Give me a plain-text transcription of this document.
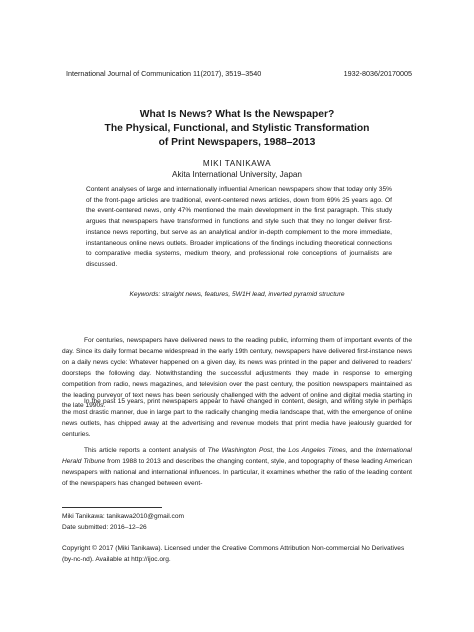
International Journal of Communication 11(2017), 3519–3540	1932-8036/20170005
What Is News? What Is the Newspaper?
The Physical, Functional, and Stylistic Transformation
of Print Newspapers, 1988–2013
MIKI TANIKAWA
Akita International University, Japan

Content analyses of large and internationally influential American newspapers show that today only 35% of the front-page articles are traditional, event-centered news articles, down from 69% 25 years ago. Of the event-centered news, only 47% mentioned the main development in the first paragraph. This study argues that newspapers have transformed in functions and style such that they no longer deliver first-instance news reporting, but serve as an analytical and/or in-depth complement to the more immediate, instantaneous online news outlets. Broader implications of the findings including theoretical connections to comparative media systems, medium theory, and professional role conceptions of journalists are discussed.

Keywords: straight news, features, 5W1H lead, inverted pyramid structure

For centuries, newspapers have delivered news to the reading public, informing them of important events of the day. Since its daily format became widespread in the early 19th century, newspapers have delivered first-instance news on a daily news cycle: Whatever happened on a given day, its news was printed in the paper and delivered to readers' doorsteps the following day. Notwithstanding the successful adjustments they made in response to emerging competition from radio, news magazines, and television over the past century, the position newspapers maintained as the leading purveyor of text news has been seriously challenged with the advent of online and digital media starting in the late 1990s.

In the past 15 years, print newspapers appear to have changed in content, design, and writing style in perhaps the most drastic manner, due in large part to the radically changing media landscape that, with the emergence of online news outlets, has chipped away at the advertising and revenue models that print media have jealously guarded for centuries.

This article reports a content analysis of The Washington Post, the Los Angeles Times, and the International Herald Tribune from 1988 to 2013 and describes the changing content, style, and topography of these leading American newspapers with national and international influences. In particular, it examines whether the ratio of the leading content of the newspapers has changed between event-

Miki Tanikawa: tanikawa2010@gmail.com

Date submitted: 2016–12–26

Copyright © 2017 (Miki Tanikawa). Licensed under the Creative Commons Attribution Non-commercial No Derivatives (by-nc-nd). Available at http://ijoc.org.
